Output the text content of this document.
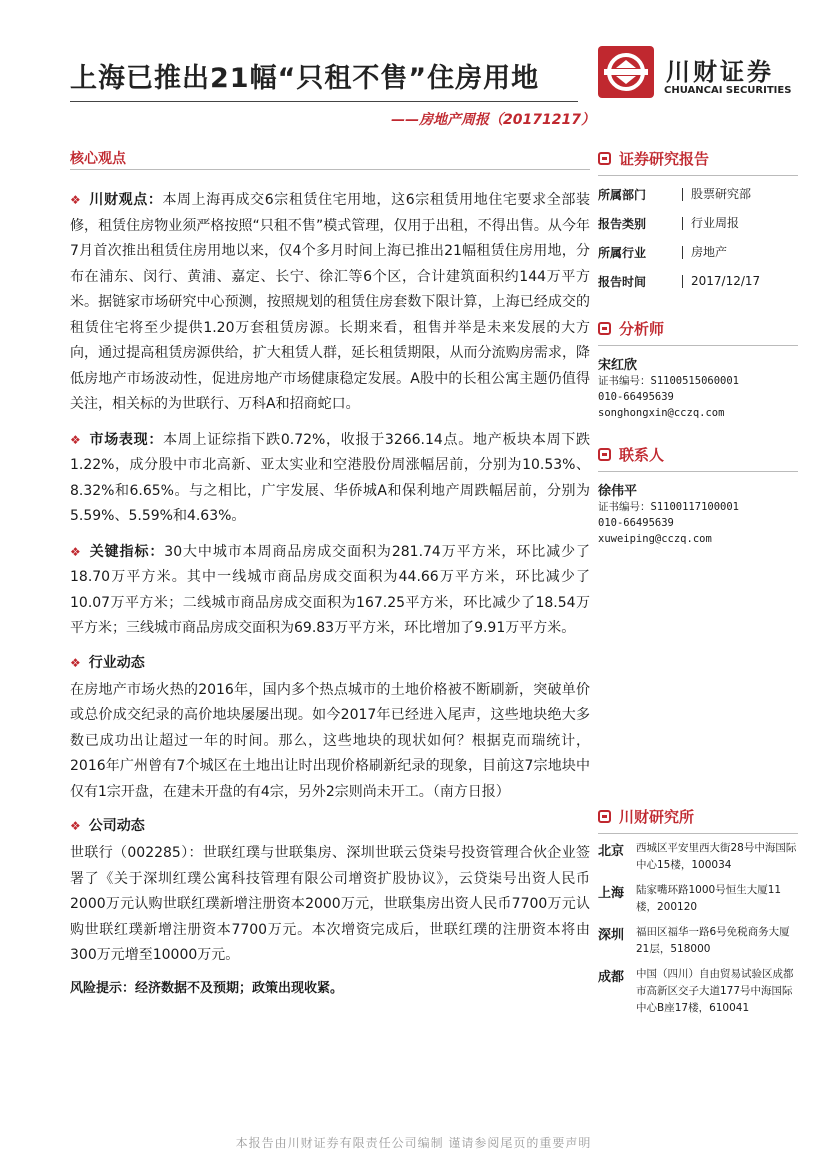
上海已推出21幅“只租不售”住房用地
——房地产周报（20171217）
川财证券
CHUANCAI SECURITIES
核心观点

❖ 川财观点：本周上海再成交6宗租赁住宅用地，这6宗租赁用地住宅要求全部装修，租赁住房物业须严格按照“只租不售”模式管理，仅用于出租，不得出售。从今年7月首次推出租赁住房用地以来，仅4个多月时间上海已推出21幅租赁住房用地，分布在浦东、闵行、黄浦、嘉定、长宁、徐汇等6个区，合计建筑面积约144万平方米。据链家市场研究中心预测，按照规划的租赁住房套数下限计算，上海已经成交的租赁住宅将至少提供1.20万套租赁房源。长期来看，租售并举是未来发展的大方向，通过提高租赁房源供给，扩大租赁人群，延长租赁期限，从而分流购房需求，降低房地产市场波动性，促进房地产市场健康稳定发展。A股中的长租公寓主题仍值得关注，相关标的为世联行、万科A和招商蛇口。

❖ 市场表现：本周上证综指下跌0.72%，收报于3266.14点。地产板块本周下跌1.22%，成分股中市北高新、亚太实业和空港股份周涨幅居前，分别为10.53%、8.32%和6.65%。与之相比，广宇发展、华侨城A和保利地产周跌幅居前，分别为5.59%、5.59%和4.63%。

❖ 关键指标：30大中城市本周商品房成交面积为281.74万平方米，环比减少了18.70万平方米。其中一线城市商品房成交面积为44.66万平方米，环比减少了10.07万平方米；二线城市商品房成交面积为167.25平方米，环比减少了18.54万平方米；三线城市商品房成交面积为69.83万平方米，环比增加了9.91万平方米。

❖ 行业动态

在房地产市场火热的2016年，国内多个热点城市的土地价格被不断刷新，突破单价或总价成交纪录的高价地块屡屡出现。如今2017年已经进入尾声，这些地块绝大多数已成功出让超过一年的时间。那么，这些地块的现状如何？根据克而瑞统计，2016年广州曾有7个城区在土地出让时出现价格刷新纪录的现象，目前这7宗地块中仅有1宗开盘，在建未开盘的有4宗，另外2宗则尚未开工。（南方日报）

❖ 公司动态

世联行（002285）：世联红璞与世联集房、深圳世联云贷柒号投资管理合伙企业签署了《关于深圳红璞公寓科技管理有限公司增资扩股协议》，云贷柒号出资人民币2000万元认购世联红璞新增注册资本2000万元，世联集房出资人民币7700万元认购世联红璞新增注册资本7700万元。本次增资完成后，世联红璞的注册资本将由300万元增至10000万元。

风险提示：经济数据不及预期；政策出现收紧。
证券研究报告
所属部门	股票研究部
报告类别	行业周报
所属行业	房地产
报告时间	2017/12/17
分析师
宋红欣
证书编号：S1100515060001
010-66495639
songhongxin@cczq.com
联系人
徐伟平
证书编号：S1100117100001
010-66495639
xuweiping@cczq.com
川财研究所
北京	西城区平安里西大街28号中海国际中心15楼，100034
上海	陆家嘴环路1000号恒生大厦11楼，200120
深圳	福田区福华一路6号免税商务大厦21层，518000
成都	中国（四川）自由贸易试验区成都市高新区交子大道177号中海国际中心B座17楼，610041
本报告由川财证券有限责任公司编制 谨请参阅尾页的重要声明
